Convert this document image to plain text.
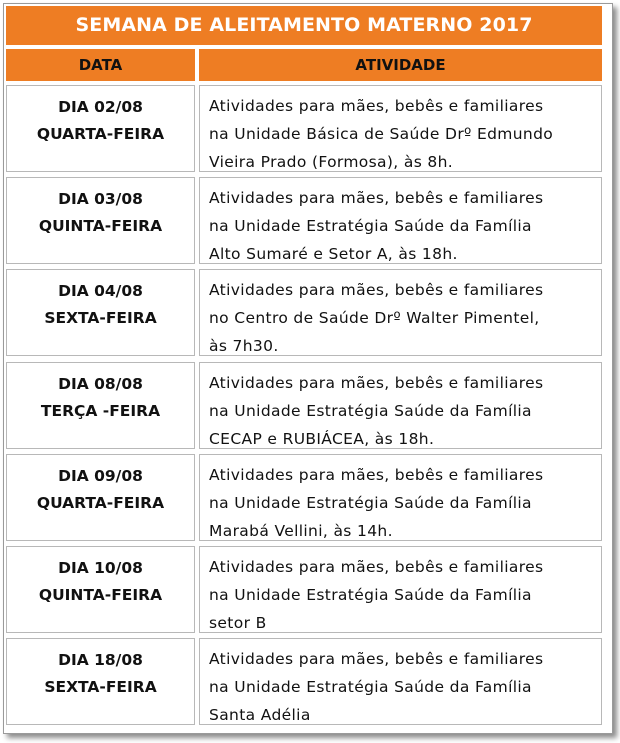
SEMANA DE ALEITAMENTO MATERNO 2017
DATA	ATIVIDADE
DIA 02/08
QUARTA-FEIRA
Atividades para mães, bebês e familiares
na Unidade Básica de Saúde Drº Edmundo
Vieira Prado (Formosa), às 8h.
DIA 03/08
QUINTA-FEIRA
Atividades para mães, bebês e familiares
na Unidade Estratégia Saúde da Família
Alto Sumaré e Setor A, às 18h.
DIA 04/08
SEXTA-FEIRA
Atividades para mães, bebês e familiares
no Centro de Saúde Drº Walter Pimentel,
às 7h30.
DIA 08/08
TERÇA -FEIRA
Atividades para mães, bebês e familiares
na Unidade Estratégia Saúde da Família
CECAP e RUBIÁCEA, às 18h.
DIA 09/08
QUARTA-FEIRA
Atividades para mães, bebês e familiares
na Unidade Estratégia Saúde da Família
Marabá Vellini, às 14h.
DIA 10/08
QUINTA-FEIRA
Atividades para mães, bebês e familiares
na Unidade Estratégia Saúde da Família
setor B
DIA 18/08
SEXTA-FEIRA
Atividades para mães, bebês e familiares
na Unidade Estratégia Saúde da Família
Santa Adélia
